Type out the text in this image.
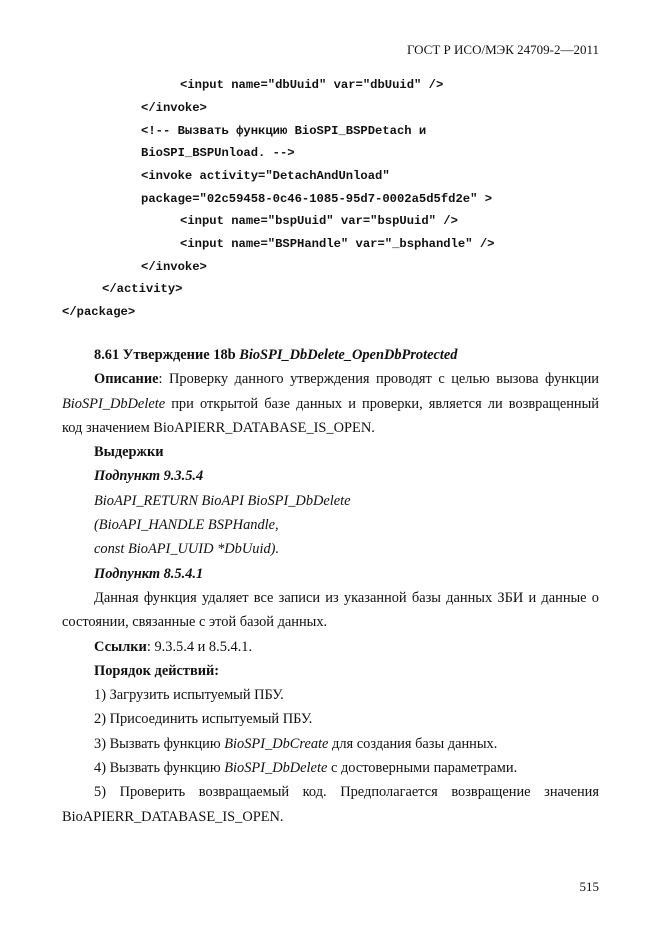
ГОСТ Р ИСО/МЭК 24709-2—2011
<input name="dbUuid" var="dbUuid" />
</invoke>
<!-- Вызвать функцию BioSPI_BSPDetach и
BioSPI_BSPUnload. -->
<invoke activity="DetachAndUnload"
package="02c59458-0c46-1085-95d7-0002a5d5fd2e" >
<input name="bspUuid" var="bspUuid" />
<input name="BSPHandle" var="_bsphandle" />
</invoke>
</activity>
</package>

8.61 Утверждение 18b BioSPI_DbDelete_OpenDbProtected

Описание: Проверку данного утверждения проводят с целью вызова функции BioSPI_DbDelete при открытой базе данных и проверки, является ли возвращенный код значением BioAPIERR_DATABASE_IS_OPEN.

Выдержки

Подпункт 9.3.5.4

BioAPI_RETURN BioAPI BioSPI_DbDelete

(BioAPI_HANDLE BSPHandle,

const BioAPI_UUID *DbUuid).

Подпункт 8.5.4.1

Данная функция удаляет все записи из указанной базы данных ЗБИ и данные о состоянии, связанные с этой базой данных.

Ссылки: 9.3.5.4 и 8.5.4.1.

Порядок действий:

1) Загрузить испытуемый ПБУ.

2) Присоединить испытуемый ПБУ.

3) Вызвать функцию BioSPI_DbCreate для создания базы данных.

4) Вызвать функцию BioSPI_DbDelete с достоверными параметрами.

5) Проверить возвращаемый код. Предполагается возвращение значения BioAPIERR_DATABASE_IS_OPEN.

515
